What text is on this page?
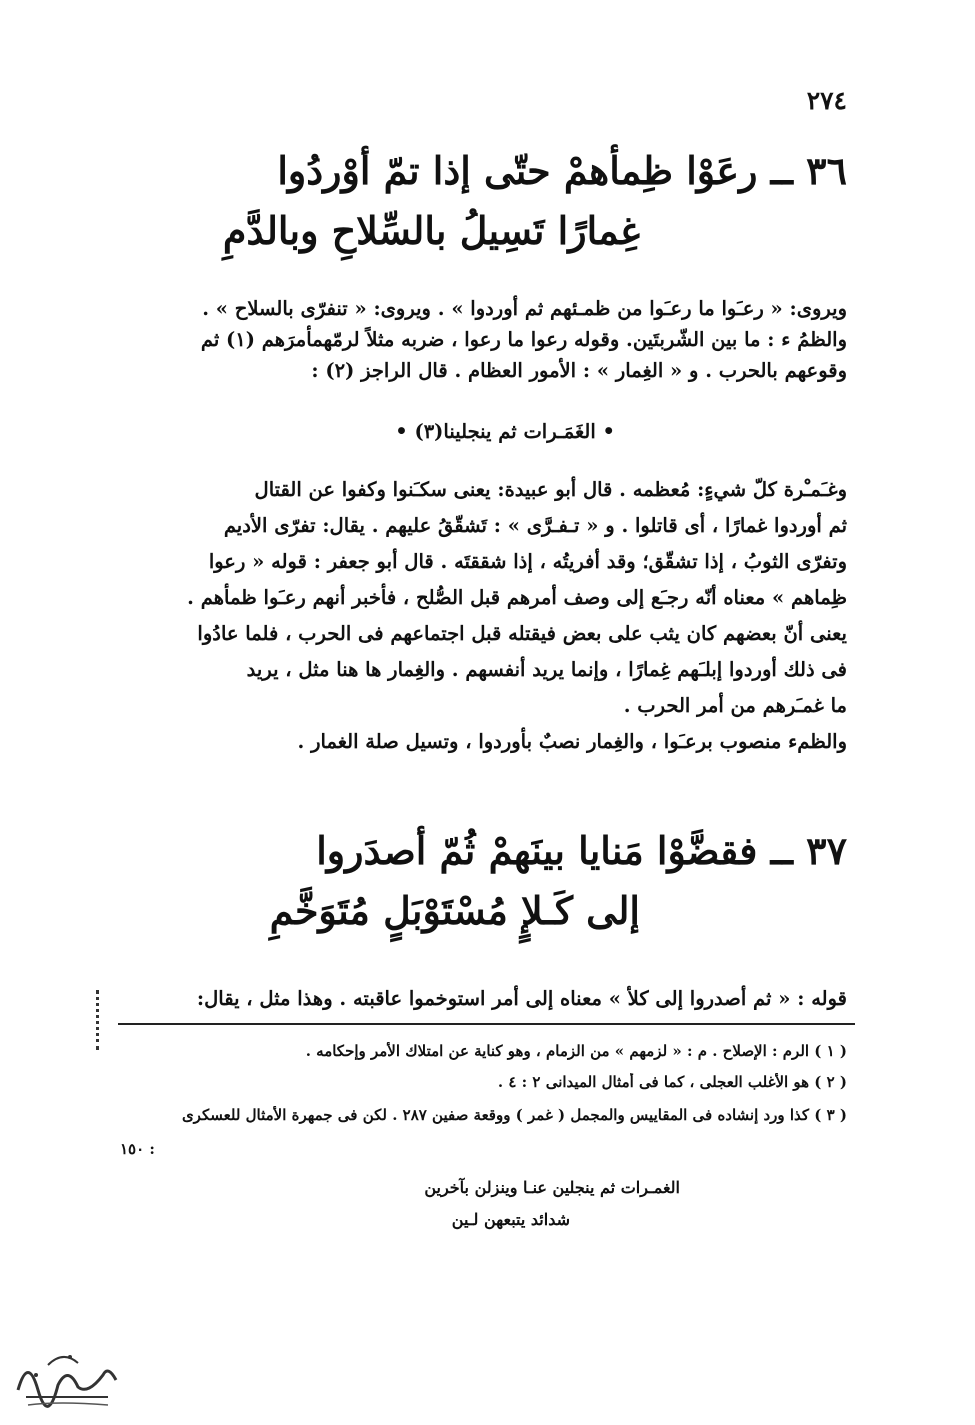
٢٧٤
٣٦ ــ رعَوْا ظِمأهمْ حتّى إذا تمّ أوْردُوا
غِمارًا تَسِيلُ بالسِّلاحِ وبالدَّمِ
ويروى: « رعـَوا ما رعـَوا من ظمـئهم ثم أوردوا » . ويروى: « تنفرّى بالسلاح » .
والظمُ ء : ما بين الشّربتَين. وقوله رعوا ما رعوا ، ضربه مثلاً لرمّهمأمرَهم (١) ثم
وقوعهم بالحرب . و « الغِمار » : الأمور العظام . قال الراجز (٢) :
• الغَمَـرات ثم ينجلينا(٣) •
وغـَمـْرة كلّ شيءٍ: مُعظمه . قال أبو عبيدة: يعنى سكـَنوا وكفوا عن القتال
ثم أوردوا غمارًا ، أى قاتلوا . و « تـفـرَّى » : تَشقّقُ عليهم . يقال: تفرّى الأديم
وتفرّى الثوبُ ، إذا تشقّق؛ وقد أفريتُه ، إذا شققتَه . قال أبو جعفر : قوله « رعوا
ظِماهم » معناه أنّه رجـَع إلى وصف أمرهم قبل الصُّلح ، فأخبر أنهم رعـَوا ظمأهم .
يعنى أنّ بعضهم كان يثب على بعض فيقتله قبل اجتماعهم فى الحرب ، فلما عادُوا
فى ذلك أوردوا إبلـَهم غِمارًا ، وإنما يريد أنفسهم . والغِمار ها هنا مثل ، يريد
ما غمـَرهم من أمر الحرب .
والظمء منصوب برعـَوا ، والغِمار نصبٌ بأوردوا ، وتسيل صلة الغمار .
٣٧ ــ فقضَّوْا مَنايا بينَهمْ ثُمّ أصدَروا
إلى كَـلإٍ مُسْتَوْبَلٍ مُتَوَخَّمِ
قوله : « ثم أصدروا إلى كلأ » معناه إلى أمر استوخموا عاقبته . وهذا مثل ، يقال:
( ١ ) الرم : الإصلاح . م : « لزمهم » من الزمام ، وهو كناية عن امتلاك الأمر وإحكامه .
( ٢ ) هو الأغلب العجلى ، كما فى أمثال الميدانى ٢ : ٤ .
( ٣ ) كذا ورد إنشاده فى المقاييس والمجمل ( غمر ) ووقعة صفين ٢٨٧ . لكن فى جمهرة الأمثال للعسكرى
١٥٠ :
الغمـرات ثم ينجلين عنـا وينزلن بآخرين
شدائد يتبعهن لـين
